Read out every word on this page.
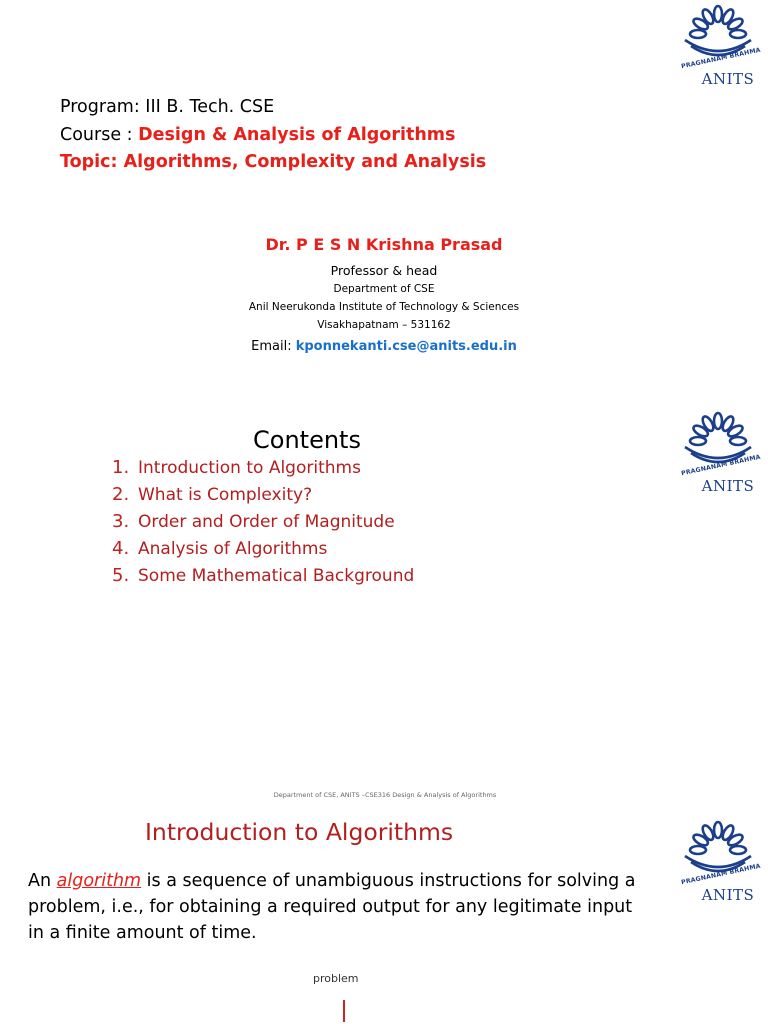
PRAGNANAM BRAHMA
ANITS
Program: III B. Tech. CSE
Course : Design & Analysis of Algorithms
Topic: Algorithms, Complexity and Analysis
Dr. P E S N Krishna Prasad
Professor & head
Department of CSE
Anil Neerukonda Institute of Technology & Sciences
Visakhapatnam – 531162
Email: kponnekanti.cse@anits.edu.in
PRAGNANAM BRAHMA
ANITS
Contents
1. Introduction to Algorithms
2. What is Complexity?
3. Order and Order of Magnitude
4. Analysis of Algorithms
5. Some Mathematical Background
Department of CSE, ANITS –CSE316 Design & Analysis of Algorithms
PRAGNANAM BRAHMA
ANITS
Introduction to Algorithms
An algorithm is a sequence of unambiguous instructions for solving a
problem, i.e., for obtaining a required output for any legitimate input
in a finite amount of time.
problem
